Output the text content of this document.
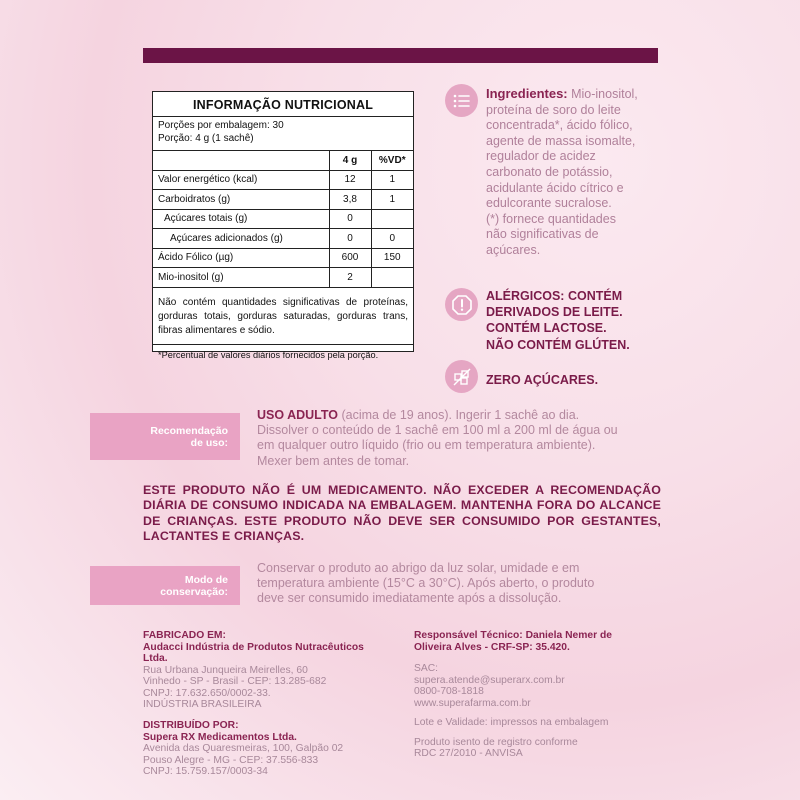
INFORMAÇÃO NUTRICIONAL
Porções por embalagem: 30
Porção: 4 g (1 sachê)
	4 g	%VD*
Valor energético (kcal)	12	1
Carboidratos (g)	3,8	1
Açúcares totais (g)	0	
Açúcares adicionados (g)	0	0
Ácido Fólico (µg)	600	150
Mio-inositol (g)	2	
Não contém quantidades significativas de proteínas, gorduras totais, gorduras saturadas, gorduras trans, fibras alimentares e sódio.
*Percentual de valores diários fornecidos pela porção.
Ingredientes: Mio-inositol,
proteína de soro do leite
concentrada*, ácido fólico,
agente de massa isomalte,
regulador de acidez
carbonato de potássio,
acidulante ácido cítrico e
edulcorante sucralose.
(*) fornece quantidades
não significativas de
açúcares.
ALÉRGICOS: CONTÉM
DERIVADOS DE LEITE.
CONTÉM LACTOSE.
NÃO CONTÉM GLÚTEN.
ZERO AÇÚCARES.
Recomendação
de uso:
USO ADULTO (acima de 19 anos). Ingerir 1 sachê ao dia.
Dissolver o conteúdo de 1 sachê em 100 ml a 200 ml de água ou
em qualquer outro líquido (frio ou em temperatura ambiente).
Mexer bem antes de tomar.
ESTE PRODUTO NÃO É UM MEDICAMENTO. NÃO EXCEDER A RECOMENDAÇÃO DIÁRIA DE CONSUMO INDICADA NA EMBALAGEM. MANTENHA FORA DO ALCANCE DE CRIANÇAS. ESTE PRODUTO NÃO DEVE SER CONSUMIDO POR GESTANTES, LACTANTES E CRIANÇAS.
Modo de
conservação:
Conservar o produto ao abrigo da luz solar, umidade e em
temperatura ambiente (15°C a 30°C). Após aberto, o produto
deve ser consumido imediatamente após a dissolução.
FABRICADO EM:
Audacci Indústria de Produtos Nutracêuticos
Ltda.
Rua Urbana Junqueira Meirelles, 60
Vinhedo - SP - Brasil - CEP: 13.285-682
CNPJ: 17.632.650/0002-33.
INDÚSTRIA BRASILEIRA
DISTRIBUÍDO POR:
Supera RX Medicamentos Ltda.
Avenida das Quaresmeiras, 100, Galpão 02
Pouso Alegre - MG - CEP: 37.556-833
CNPJ: 15.759.157/0003-34
Responsável Técnico: Daniela Nemer de
Oliveira Alves - CRF-SP: 35.420.
SAC:
supera.atende@superarx.com.br
0800-708-1818
www.superafarma.com.br
Lote e Validade: impressos na embalagem
Produto isento de registro conforme
RDC 27/2010 - ANVISA
